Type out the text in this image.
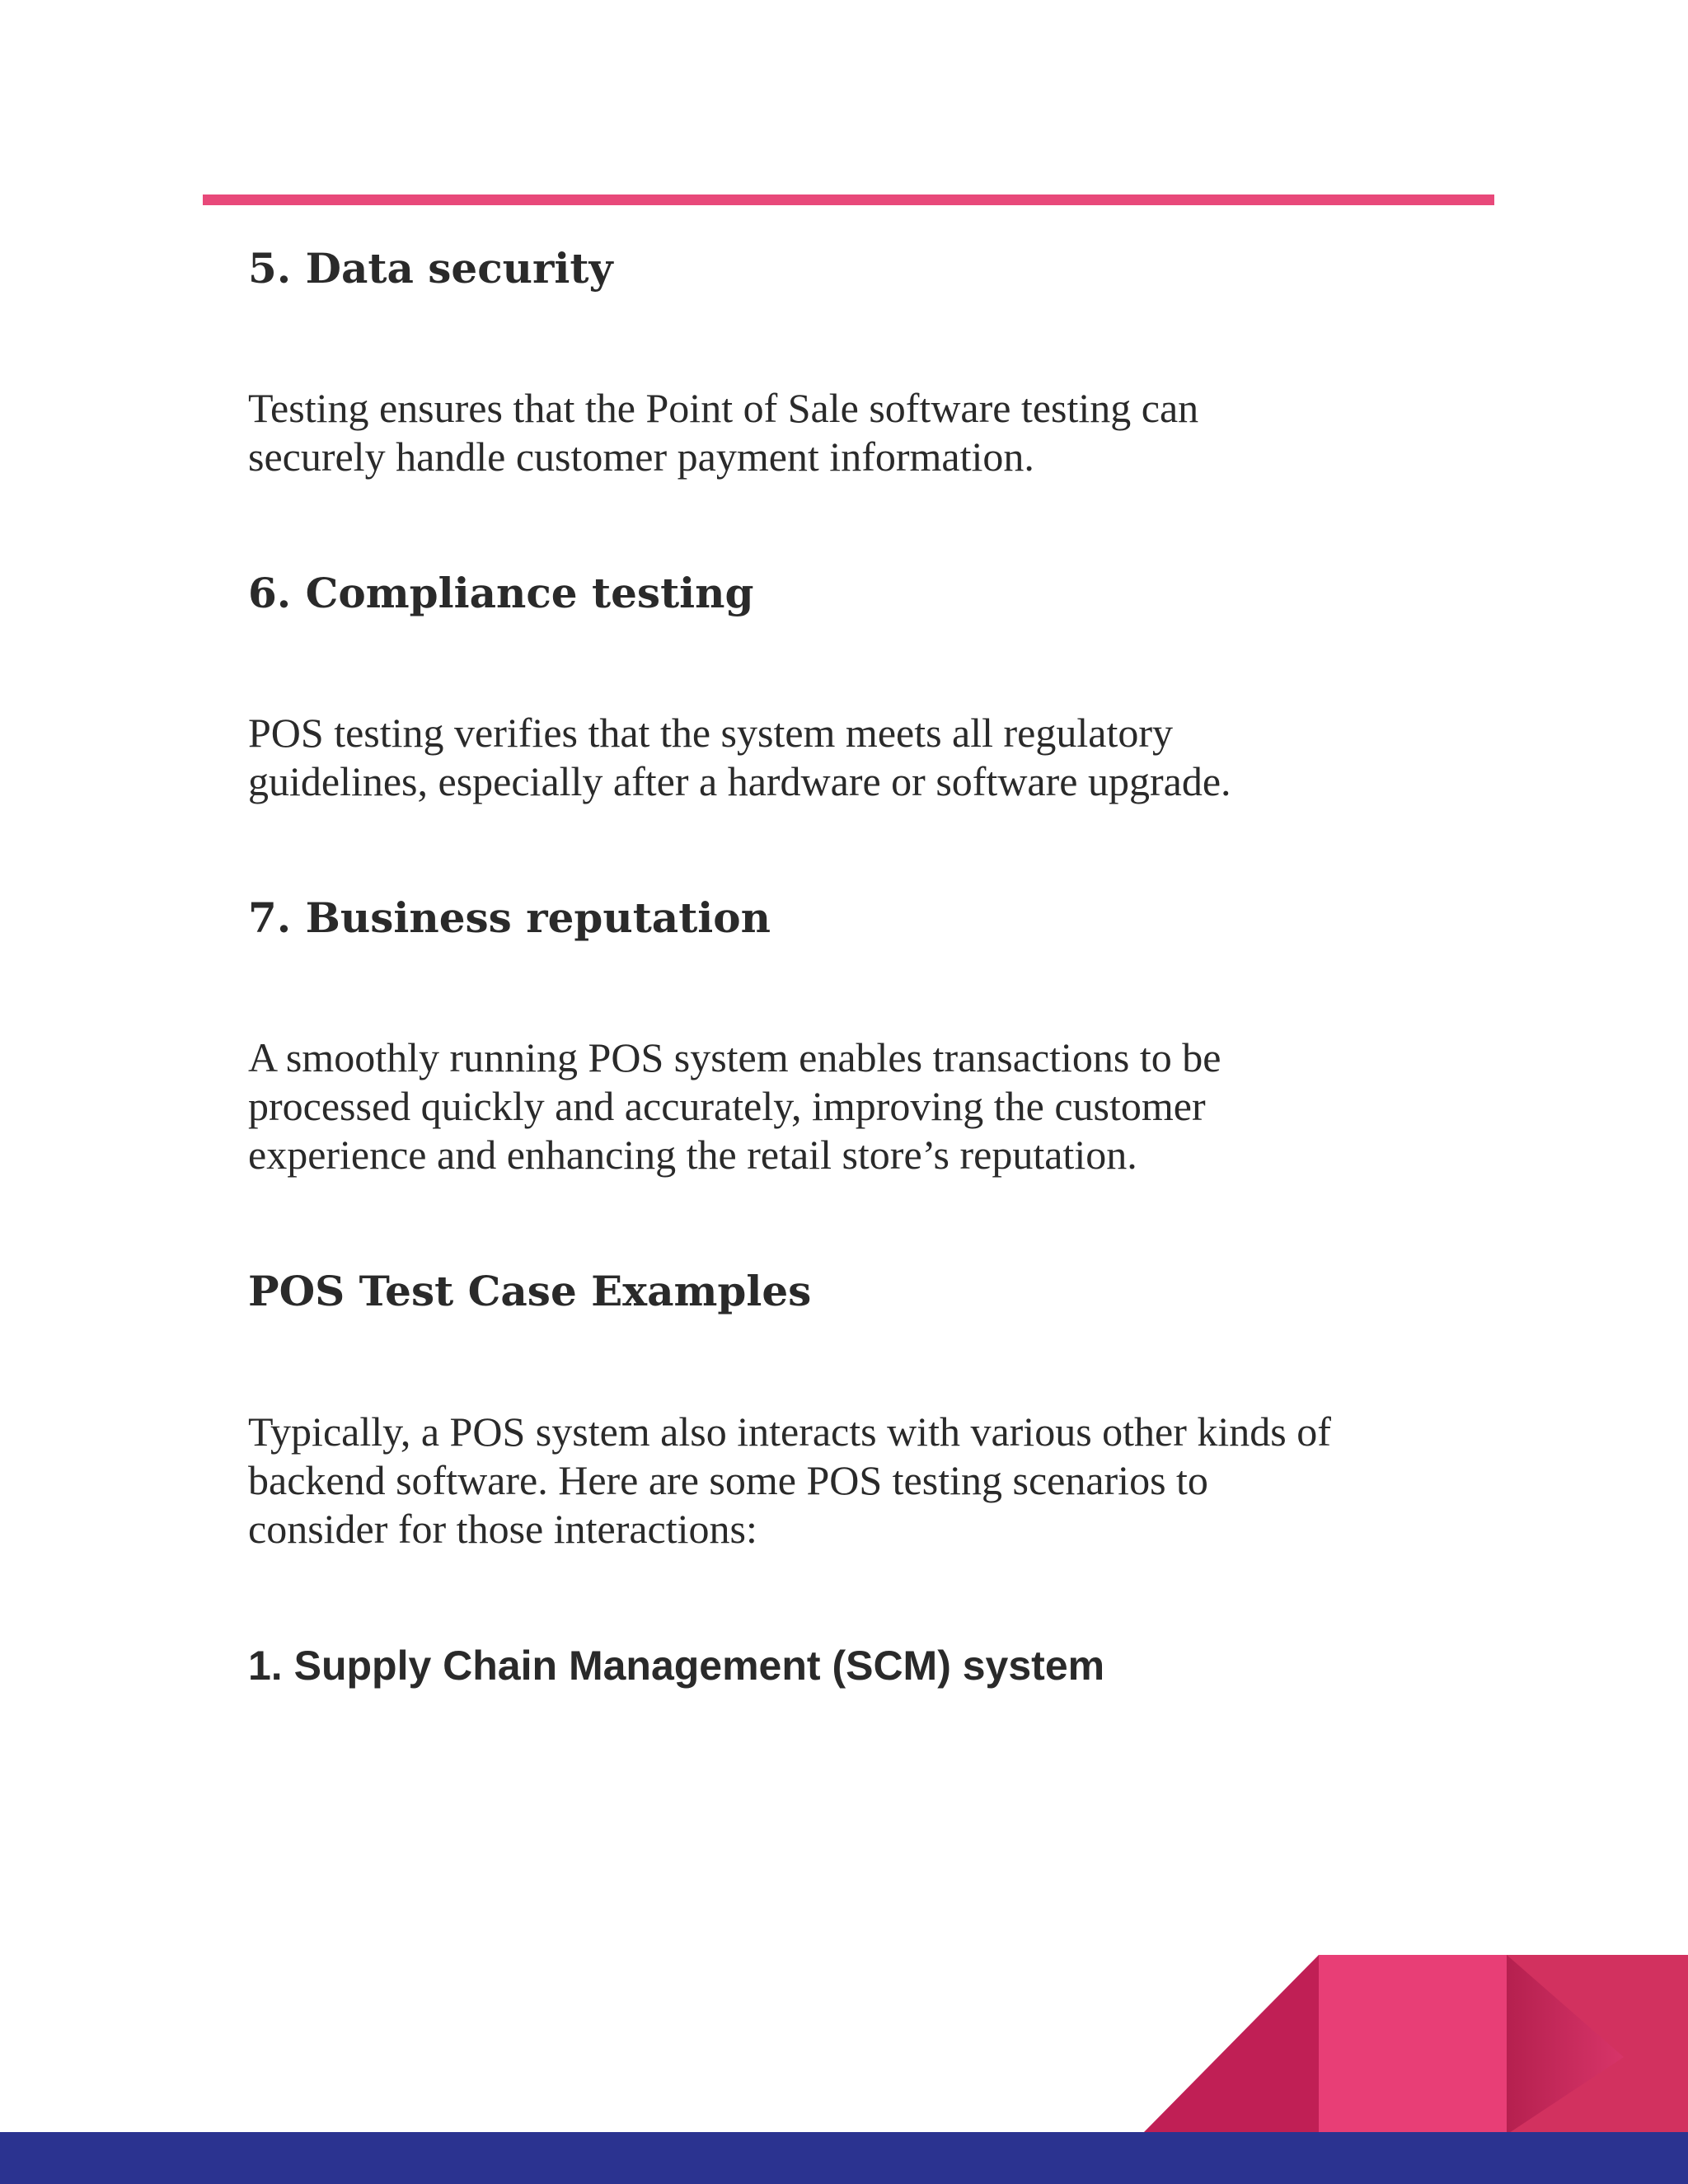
5. Data security

Testing ensures that the Point of Sale software testing can
securely handle customer payment information.

6. Compliance testing

POS testing verifies that the system meets all regulatory
guidelines, especially after a hardware or software upgrade.

7. Business reputation

A smoothly running POS system enables transactions to be
processed quickly and accurately, improving the customer
experience and enhancing the retail store’s reputation.

POS Test Case Examples

Typically, a POS system also interacts with various other kinds of
backend software. Here are some POS testing scenarios to
consider for those interactions:

1. Supply Chain Management (SCM) system
